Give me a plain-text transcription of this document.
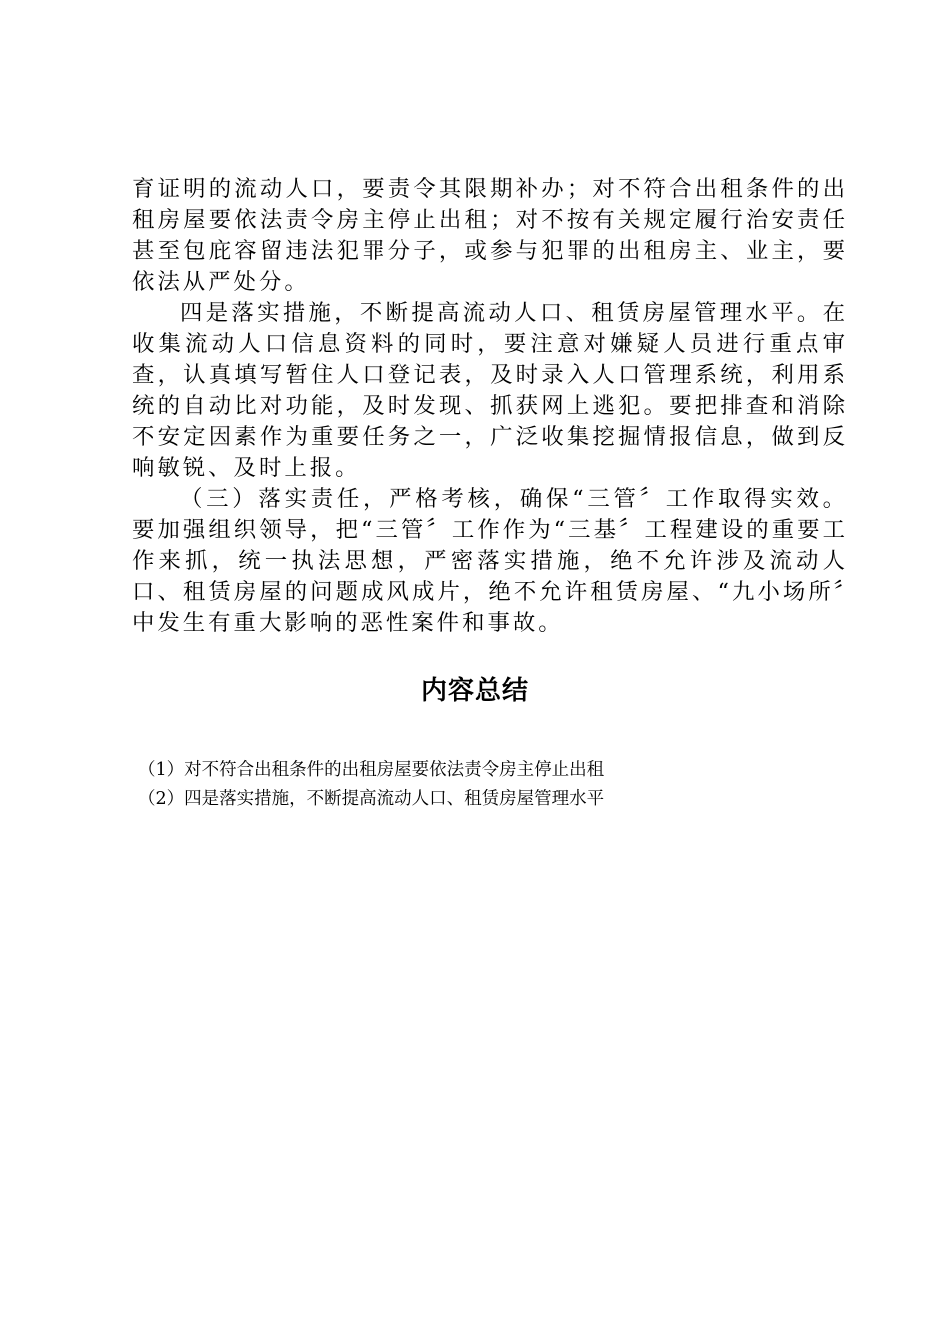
育证明的流动人口，要责令其限期补办；对不符合出租条件的出租房屋要依法责令房主停止出租；对不按有关规定履行治安责任甚至包庇容留违法犯罪分子，或参与犯罪的出租房主、业主，要依法从严处分。

四是落实措施，不断提高流动人口、租赁房屋管理水平。在收集流动人口信息资料的同时，要注意对嫌疑人员进行重点审查，认真填写暂住人口登记表，及时录入人口管理系统，利用系统的自动比对功能，及时发现、抓获网上逃犯。要把排查和消除不安定因素作为重要任务之一，广泛收集挖掘情报信息，做到反响敏锐、及时上报。

（三）落实责任，严格考核，确保“三管〞工作取得实效。要加强组织领导，把“三管〞工作作为“三基〞工程建设的重要工作来抓，统一执法思想，严密落实措施，绝不允许涉及流动人口、租赁房屋的问题成风成片，绝不允许租赁房屋、“九小场所〞中发生有重大影响的恶性案件和事故。

内容总结
（1）对不符合出租条件的出租房屋要依法责令房主停止出租
（2）四是落实措施，不断提高流动人口、租赁房屋管理水平
